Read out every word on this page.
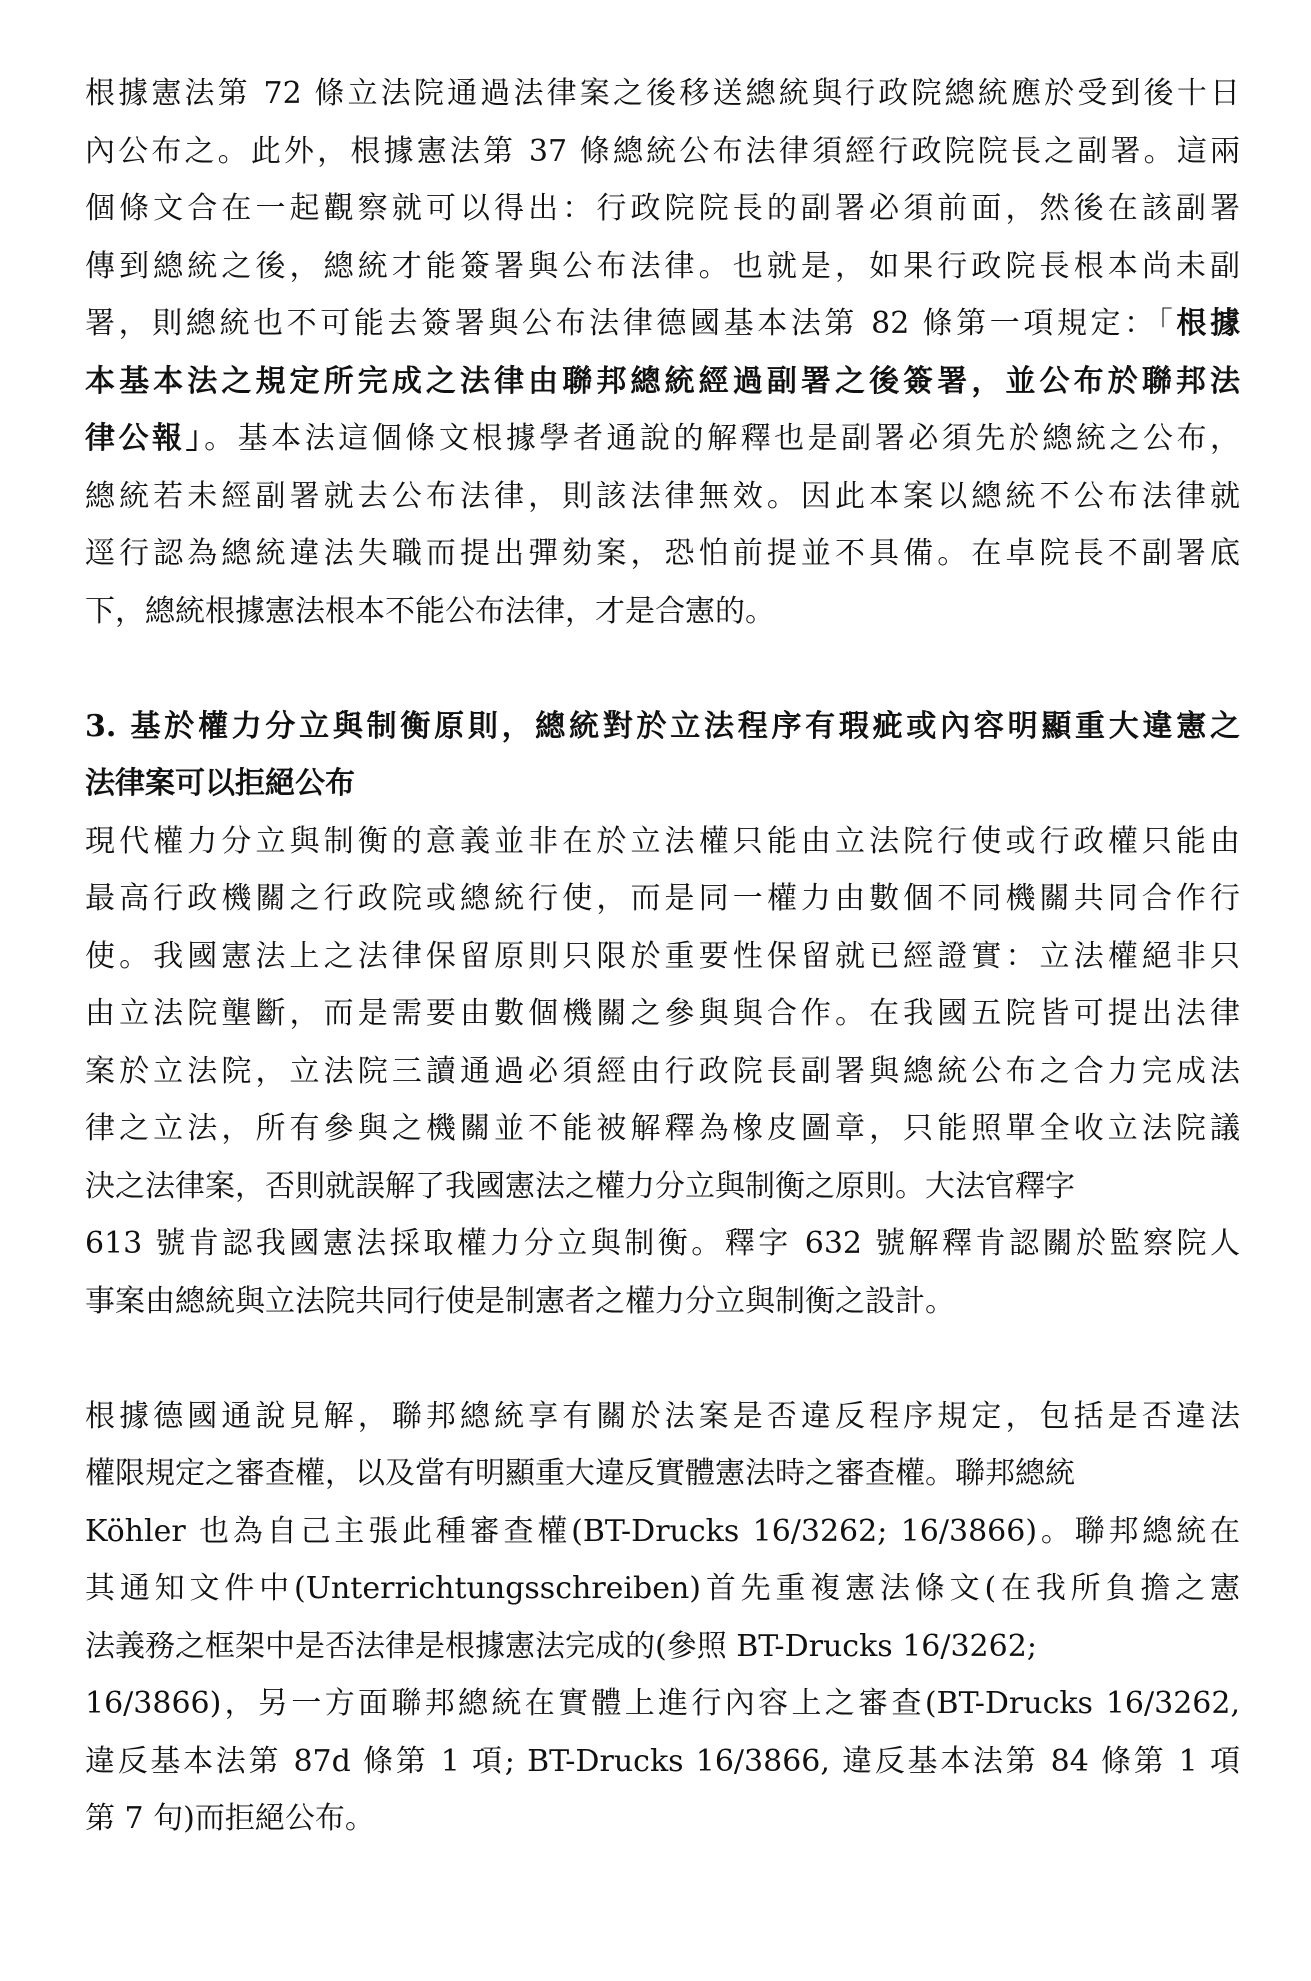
根據憲法第 72 條立法院通過法律案之後移送總統與行政院總統應於受到後十日
內公布之。此外，根據憲法第 37 條總統公布法律須經行政院院長之副署。這兩
個條文合在一起觀察就可以得出：行政院院長的副署必須前面，然後在該副署
傳到總統之後，總統才能簽署與公布法律。也就是，如果行政院長根本尚未副
署，則總統也不可能去簽署與公布法律德國基本法第 82 條第一項規定：「根據
本基本法之規定所完成之法律由聯邦總統經過副署之後簽署，並公布於聯邦法
律公報」。基本法這個條文根據學者通說的解釋也是副署必須先於總統之公布，
總統若未經副署就去公布法律，則該法律無效。因此本案以總統不公布法律就
逕行認為總統違法失職而提出彈劾案，恐怕前提並不具備。在卓院長不副署底
下，總統根據憲法根本不能公布法律，才是合憲的。
3. 基於權力分立與制衡原則，總統對於立法程序有瑕疵或內容明顯重大違憲之
法律案可以拒絕公布
現代權力分立與制衡的意義並非在於立法權只能由立法院行使或行政權只能由
最高行政機關之行政院或總統行使，而是同一權力由數個不同機關共同合作行
使。我國憲法上之法律保留原則只限於重要性保留就已經證實：立法權絕非只
由立法院壟斷，而是需要由數個機關之參與與合作。在我國五院皆可提出法律
案於立法院，立法院三讀通過必須經由行政院長副署與總統公布之合力完成法
律之立法，所有參與之機關並不能被解釋為橡皮圖章，只能照單全收立法院議
決之法律案，否則就誤解了我國憲法之權力分立與制衡之原則。大法官釋字
613 號肯認我國憲法採取權力分立與制衡。釋字 632 號解釋肯認關於監察院人
事案由總統與立法院共同行使是制憲者之權力分立與制衡之設計。
根據德國通說見解，聯邦總統享有關於法案是否違反程序規定，包括是否違法
權限規定之審查權，以及當有明顯重大違反實體憲法時之審查權。聯邦總統
Köhler 也為自己主張此種審查權(BT-Drucks 16/3262; 16/3866)。聯邦總統在
其通知文件中(Unterrichtungsschreiben)首先重複憲法條文(在我所負擔之憲
法義務之框架中是否法律是根據憲法完成的(參照 BT-Drucks 16/3262;
16/3866)，另一方面聯邦總統在實體上進行內容上之審查(BT-Drucks 16/3262,
違反基本法第 87d 條第 1 項; BT-Drucks 16/3866, 違反基本法第 84 條第 1 項
第 7 句)而拒絕公布。
